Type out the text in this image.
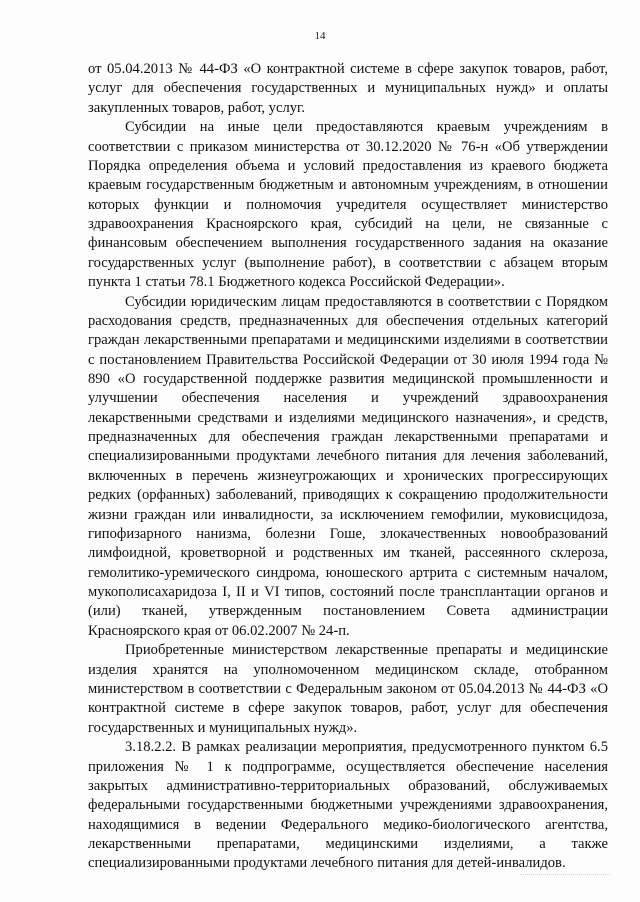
14

от 05.04.2013 № 44-ФЗ «О контрактной системе в сфере закупок товаров, работ, услуг для обеспечения государственных и муниципальных нужд» и оплаты закупленных товаров, работ, услуг.

Субсидии на иные цели предоставляются краевым учреждениям в соответствии с приказом министерства от 30.12.2020 № 76-н «Об утверждении Порядка определения объема и условий предоставления из краевого бюджета краевым государственным бюджетным и автономным учреждениям, в отношении которых функции и полномочия учредителя осуществляет министерство здравоохранения Красноярского края, субсидий на цели, не связанные с финансовым обеспечением выполнения государственного задания на оказание государственных услуг (выполнение работ), в соответствии с абзацем вторым пункта 1 статьи 78.1 Бюджетного кодекса Российской Федерации».

Субсидии юридическим лицам предоставляются в соответствии с Порядком расходования средств, предназначенных для обеспечения отдельных категорий граждан лекарственными препаратами и медицинскими изделиями в соответствии с постановлением Правительства Российской Федерации от 30 июля 1994 года № 890 «О государственной поддержке развития медицинской промышленности и улучшении обеспечения населения и учреждений здравоохранения лекарственными средствами и изделиями медицинского назначения», и средств, предназначенных для обеспечения граждан лекарственными препаратами и специализированными продуктами лечебного питания для лечения заболеваний, включенных в перечень жизнеугрожающих и хронических прогрессирующих редких (орфанных) заболеваний, приводящих к сокращению продолжительности жизни граждан или инвалидности, за исключением гемофилии, муковисцидоза, гипофизарного нанизма, болезни Гоше, злокачественных новообразований лимфоидной, кроветворной и родственных им тканей, рассеянного склероза, гемолитико-уремического синдрома, юношеского артрита с системным началом, мукополисахаридоза I, II и VI типов, состояний после трансплантации органов и (или) тканей, утвержденным постановлением Совета администрации Красноярского края от 06.02.2007 № 24-п.

Приобретенные министерством лекарственные препараты и медицинские изделия хранятся на уполномоченном медицинском складе, отобранном министерством в соответствии с Федеральным законом от 05.04.2013 № 44-ФЗ «О контрактной системе в сфере закупок товаров, работ, услуг для обеспечения государственных и муниципальных нужд».

3.18.2.2. В рамках реализации мероприятия, предусмотренного пунктом 6.5 приложения № 1 к подпрограмме, осуществляется обеспечение населения закрытых административно-территориальных образований, обслуживаемых федеральными государственными бюджетными учреждениями здравоохранения, находящимися в ведении Федерального медико-биологического агентства, лекарственными препаратами, медицинскими изделиями, а также специализированными продуктами лечебного питания для детей-инвалидов.
